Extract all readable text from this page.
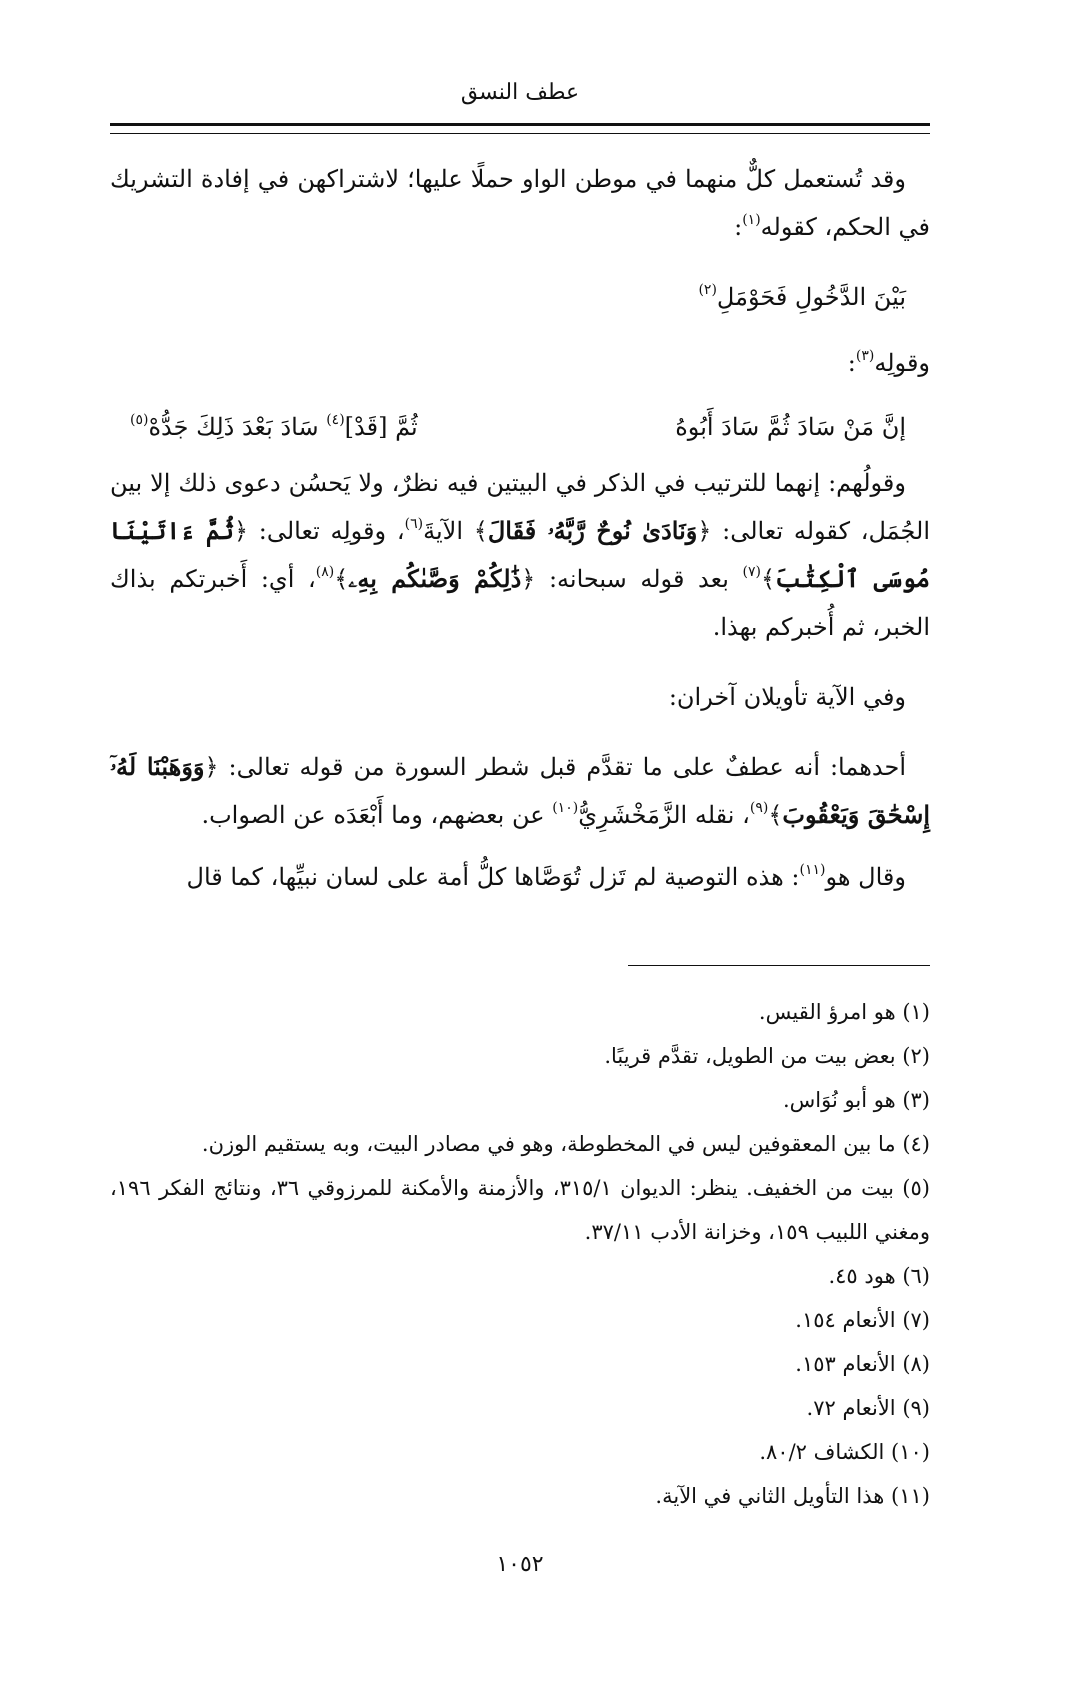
عطف النسق

وقد تُستعمل كلٌّ منهما في موطن الواو حملًا عليها؛ لاشتراكهن في إفادة التشريك في الحكم، كقوله$^{(١)}$:

بَيْنَ الدَّخُولِ فَحَوْمَلِ$^{(٢)}$

وقولِه$^{(٣)}$:

إنَّ مَنْ سَادَ ثُمَّ سَادَ أَبُوهُ
ثُمَّ [قَدْ]$^{(٤)}$ سَادَ بَعْدَ ذَلِكَ جَدُّهْ$^{(٥)}$

وقولُهم: إنهما للترتيب في الذكر في البيتين فيه نظرٌ، ولا يَحسُن دعوى ذلك إلا بين الجُمَل، كقوله تعالى: ﴿وَنَادَىٰ نُوحٌ رَّبَّهُۥ فَقَالَ﴾ الآيةَ$^{(٦)}$، وقولِه تعالى: ﴿ثُمَّ ءَاتَيْنَا مُوسَى ٱلْكِتَٰبَ﴾$^{(٧)}$ بعد قوله سبحانه: ﴿ذَٰلِكُمْ وَصَّىٰكُم بِهِۦ﴾$^{(٨)}$، أي: أَخبرتكم بذاك الخبر، ثم أُخبركم بهذا.

وفي الآية تأويلان آخران:

أحدهما: أنه عطفٌ على ما تقدَّم قبل شطر السورة من قوله تعالى: ﴿وَوَهَبْنَا لَهُۥٓ إِسْحَٰقَ وَيَعْقُوبَ﴾$^{(٩)}$، نقله الزَّمَخْشَرِيُّ$^{(١٠)}$ عن بعضهم، وما أَبْعَدَه عن الصواب.

وقال هو$^{(١١)}$: هذه التوصية لم تَزل تُوَصَّاها كلُّ أمة على لسان نبيِّها، كما قال

(١) هو امرؤ القيس.

(٢) بعض بيت من الطويل، تقدَّم قريبًا.

(٣) هو أبو نُوَاس.

(٤) ما بين المعقوفين ليس في المخطوطة، وهو في مصادر البيت، وبه يستقيم الوزن.

(٥) بيت من الخفيف. ينظر: الديوان ٣١٥/١، والأزمنة والأمكنة للمرزوقي ٣٦، ونتائج الفكر ١٩٦، ومغني اللبيب ١٥٩، وخزانة الأدب ٣٧/١١.

(٦) هود ٤٥.

(٧) الأنعام ١٥٤.

(٨) الأنعام ١٥٣.

(٩) الأنعام ٧٢.

(١٠) الكشاف ٨٠/٢.

(١١) هذا التأويل الثاني في الآية.

١٠٥٢
